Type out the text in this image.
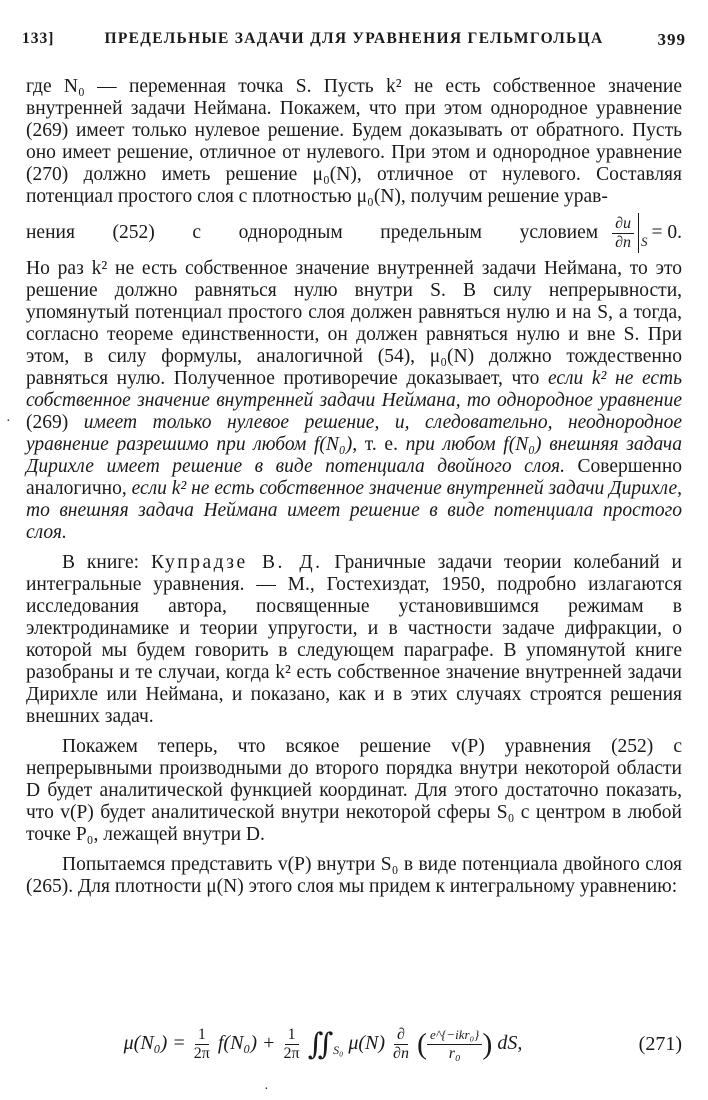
133]	ПРЕДЕЛЬНЫЕ ЗАДАЧИ ДЛЯ УРАВНЕНИЯ ГЕЛЬМГОЛЬЦА	399
·

где N₀ — переменная точка S. Пусть k² не есть собственное значение внутренней задачи Неймана. Покажем, что при этом однородное уравнение (269) имеет только нулевое решение. Будем доказывать от обратного. Пусть оно имеет решение, отличное от нулевого. При этом и однородное уравнение (270) должно иметь решение μ₀(N), отличное от нулевого. Составляя потенциал простого слоя с плотностью μ₀(N), получим решение урав-

нения (252) с однородным предельным условием $\frac{\partial u}{\partial n}$ S = 0.

Но раз k² не есть собственное значение внутренней задачи Неймана, то это решение должно равняться нулю внутри S. В силу непрерывности, упомянутый потенциал простого слоя должен равняться нулю и на S, а тогда, согласно теореме единственности, он должен равняться нулю и вне S. При этом, в силу формулы, аналогичной (54), μ₀(N) должно тождественно равняться нулю. Полученное противоречие доказывает, что если k² не есть собственное значение внутренней задачи Неймана, то однородное уравнение (269) имеет только нулевое решение, и, следовательно, неоднородное уравнение разрешимо при любом f(N₀), т. е. при любом f(N₀) внешняя задача Дирихле имеет решение в виде потенциала двойного слоя. Совершенно аналогично, если k² не есть собственное значение внутренней задачи Дирихле, то внешняя задача Неймана имеет решение в виде потенциала простого слоя.

В книге: Купрадзе В. Д. Граничные задачи теории колебаний и интегральные уравнения. — М., Гостехиздат, 1950, подробно излагаются исследования автора, посвященные установившимся режимам в электродинамике и теории упругости, и в частности задаче дифракции, о которой мы будем говорить в следующем параграфе. В упомянутой книге разобраны и те случаи, когда k² есть собственное значение внутренней задачи Дирихле или Неймана, и показано, как и в этих случаях строятся решения внешних задач.

Покажем теперь, что всякое решение v(P) уравнения (252) с непрерывными производными до второго порядка внутри некоторой области D будет аналитической функцией координат. Для этого достаточно показать, что v(P) будет аналитической внутри некоторой сферы S₀ с центром в любой точке P₀, лежащей внутри D.

Попытаемся представить v(P) внутри S₀ в виде потенциала двойного слоя (265). Для плотности μ(N) этого слоя мы придем к интегральному уравнению:

$\mu(N_0) = \frac{1}{2\pi} f(N_0) + \frac{1}{2\pi}$ $∬_{S_0}$ $\mu(N) \frac{\partial}{\partial n}$ ( $\frac{\text{e\textasciicircum{}\{−ikr₀\}}}{\text{r₀}}$ ) dS,	(271)
·
